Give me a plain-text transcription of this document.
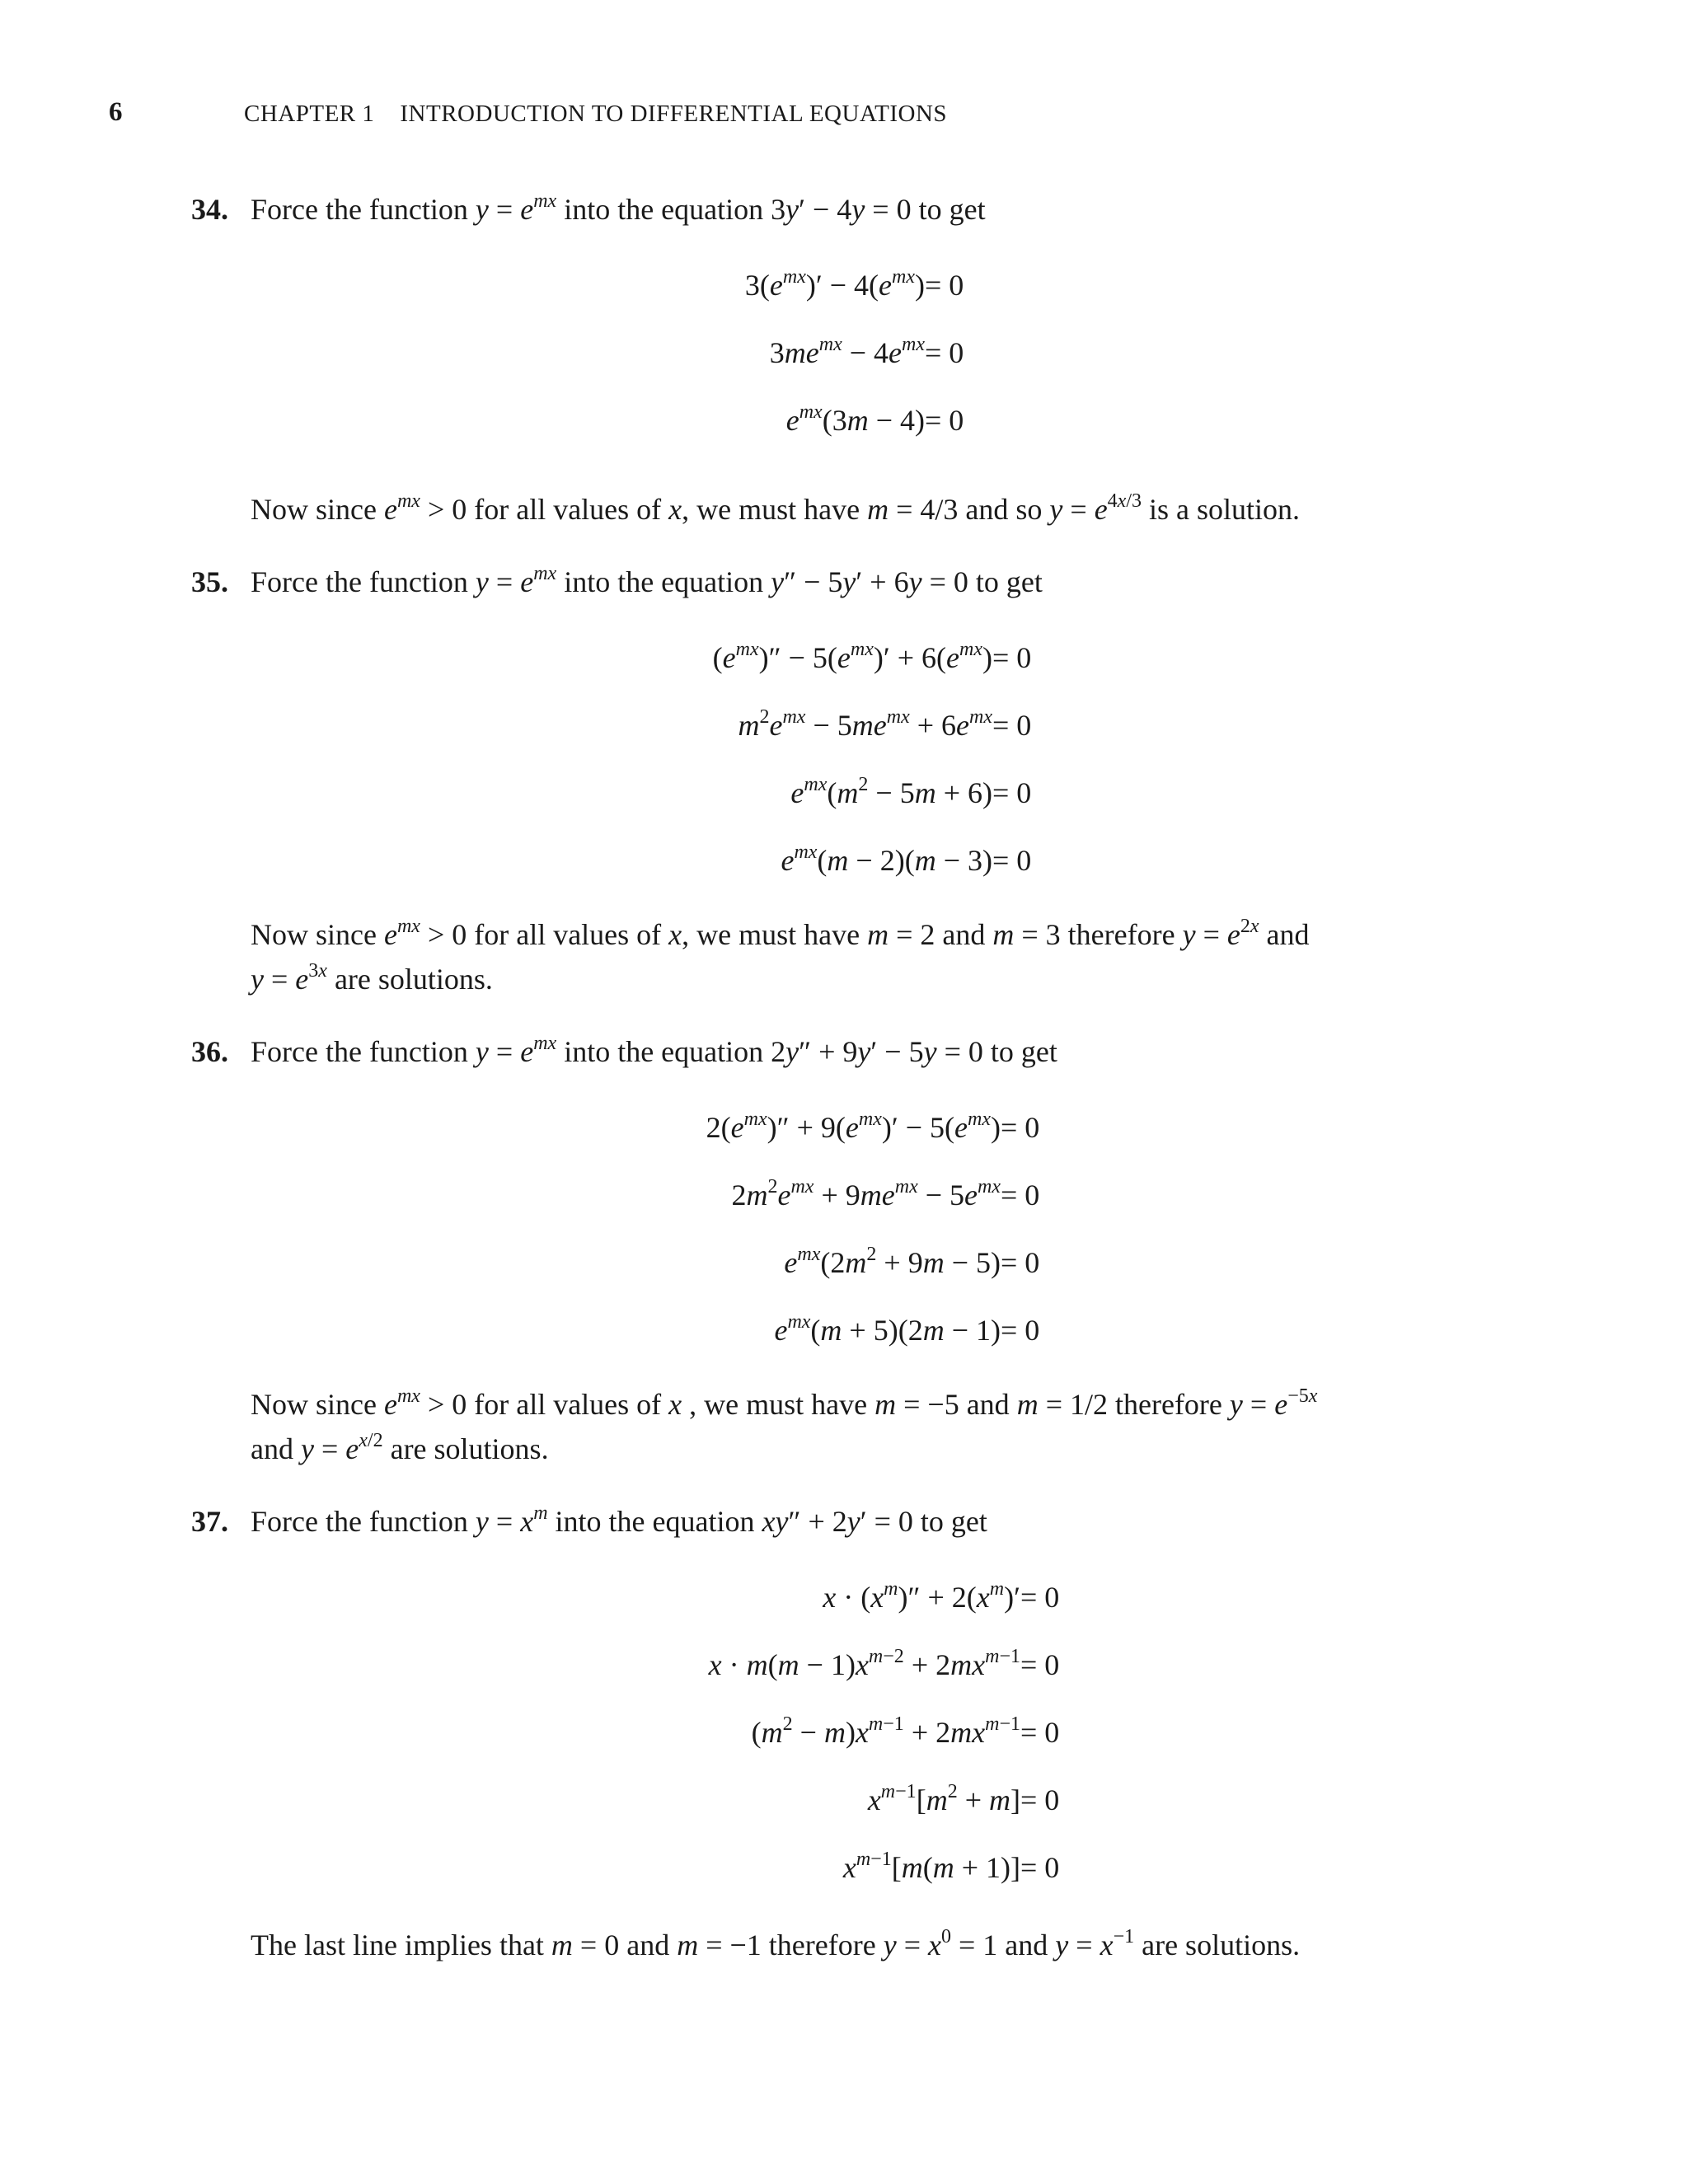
6	CHAPTER 1    INTRODUCTION TO DIFFERENTIAL EQUATIONS
34. Force the function $y = e^{mx}$ into the equation 3y′ − 4y = 0 to get
$3(e^{mx})' - 4(e^{mx}) = 0$
$3me^{mx} - 4e^{mx} = 0$
$e^{mx}(3m - 4) = 0$
Now since $e^{mx} > 0$ for all values of x, we must have m = 4/3 and so $y = e^{4x/3}$ is a solution.
35. Force the function $y = e^{mx}$ into the equation y″ − 5y′ + 6y = 0 to get
$(e^{mx})'' - 5(e^{mx})' + 6(e^{mx}) = 0$
$m^2e^{mx} - 5me^{mx} + 6e^{mx} = 0$
$e^{mx}(m^2 - 5m + 6) = 0$
$e^{mx}(m - 2)(m - 3) = 0$
Now since $e^{mx} > 0$ for all values of x, we must have m = 2 and m = 3 therefore $y = e^{2x}$ and
$y = e^{3x}$ are solutions.
36. Force the function $y = e^{mx}$ into the equation 2y″ + 9y′ − 5y = 0 to get
$2(e^{mx})'' + 9(e^{mx})' - 5(e^{mx}) = 0$
$2m^2e^{mx} + 9me^{mx} - 5e^{mx} = 0$
$e^{mx}(2m^2 + 9m - 5) = 0$
$e^{mx}(m + 5)(2m - 1) = 0$
Now since $e^{mx} > 0$ for all values of x , we must have m = −5 and m = 1/2 therefore $y = e^{-5x}$
and $y = e^{x/2}$ are solutions.
37. Force the function $y = x^m$ into the equation xy″ + 2y′ = 0 to get
$x \cdot (x^m)'' + 2(x^m)' = 0$
$x \cdot m(m - 1)x^{m-2} + 2mx^{m-1} = 0$
$(m^2 - m)x^{m-1} + 2mx^{m-1} = 0$
$x^{m-1}[m^2 + m] = 0$
$x^{m-1}[m(m + 1)] = 0$
The last line implies that m = 0 and m = −1 therefore $y = x^0 = 1$ and $y = x^{-1}$ are solutions.
